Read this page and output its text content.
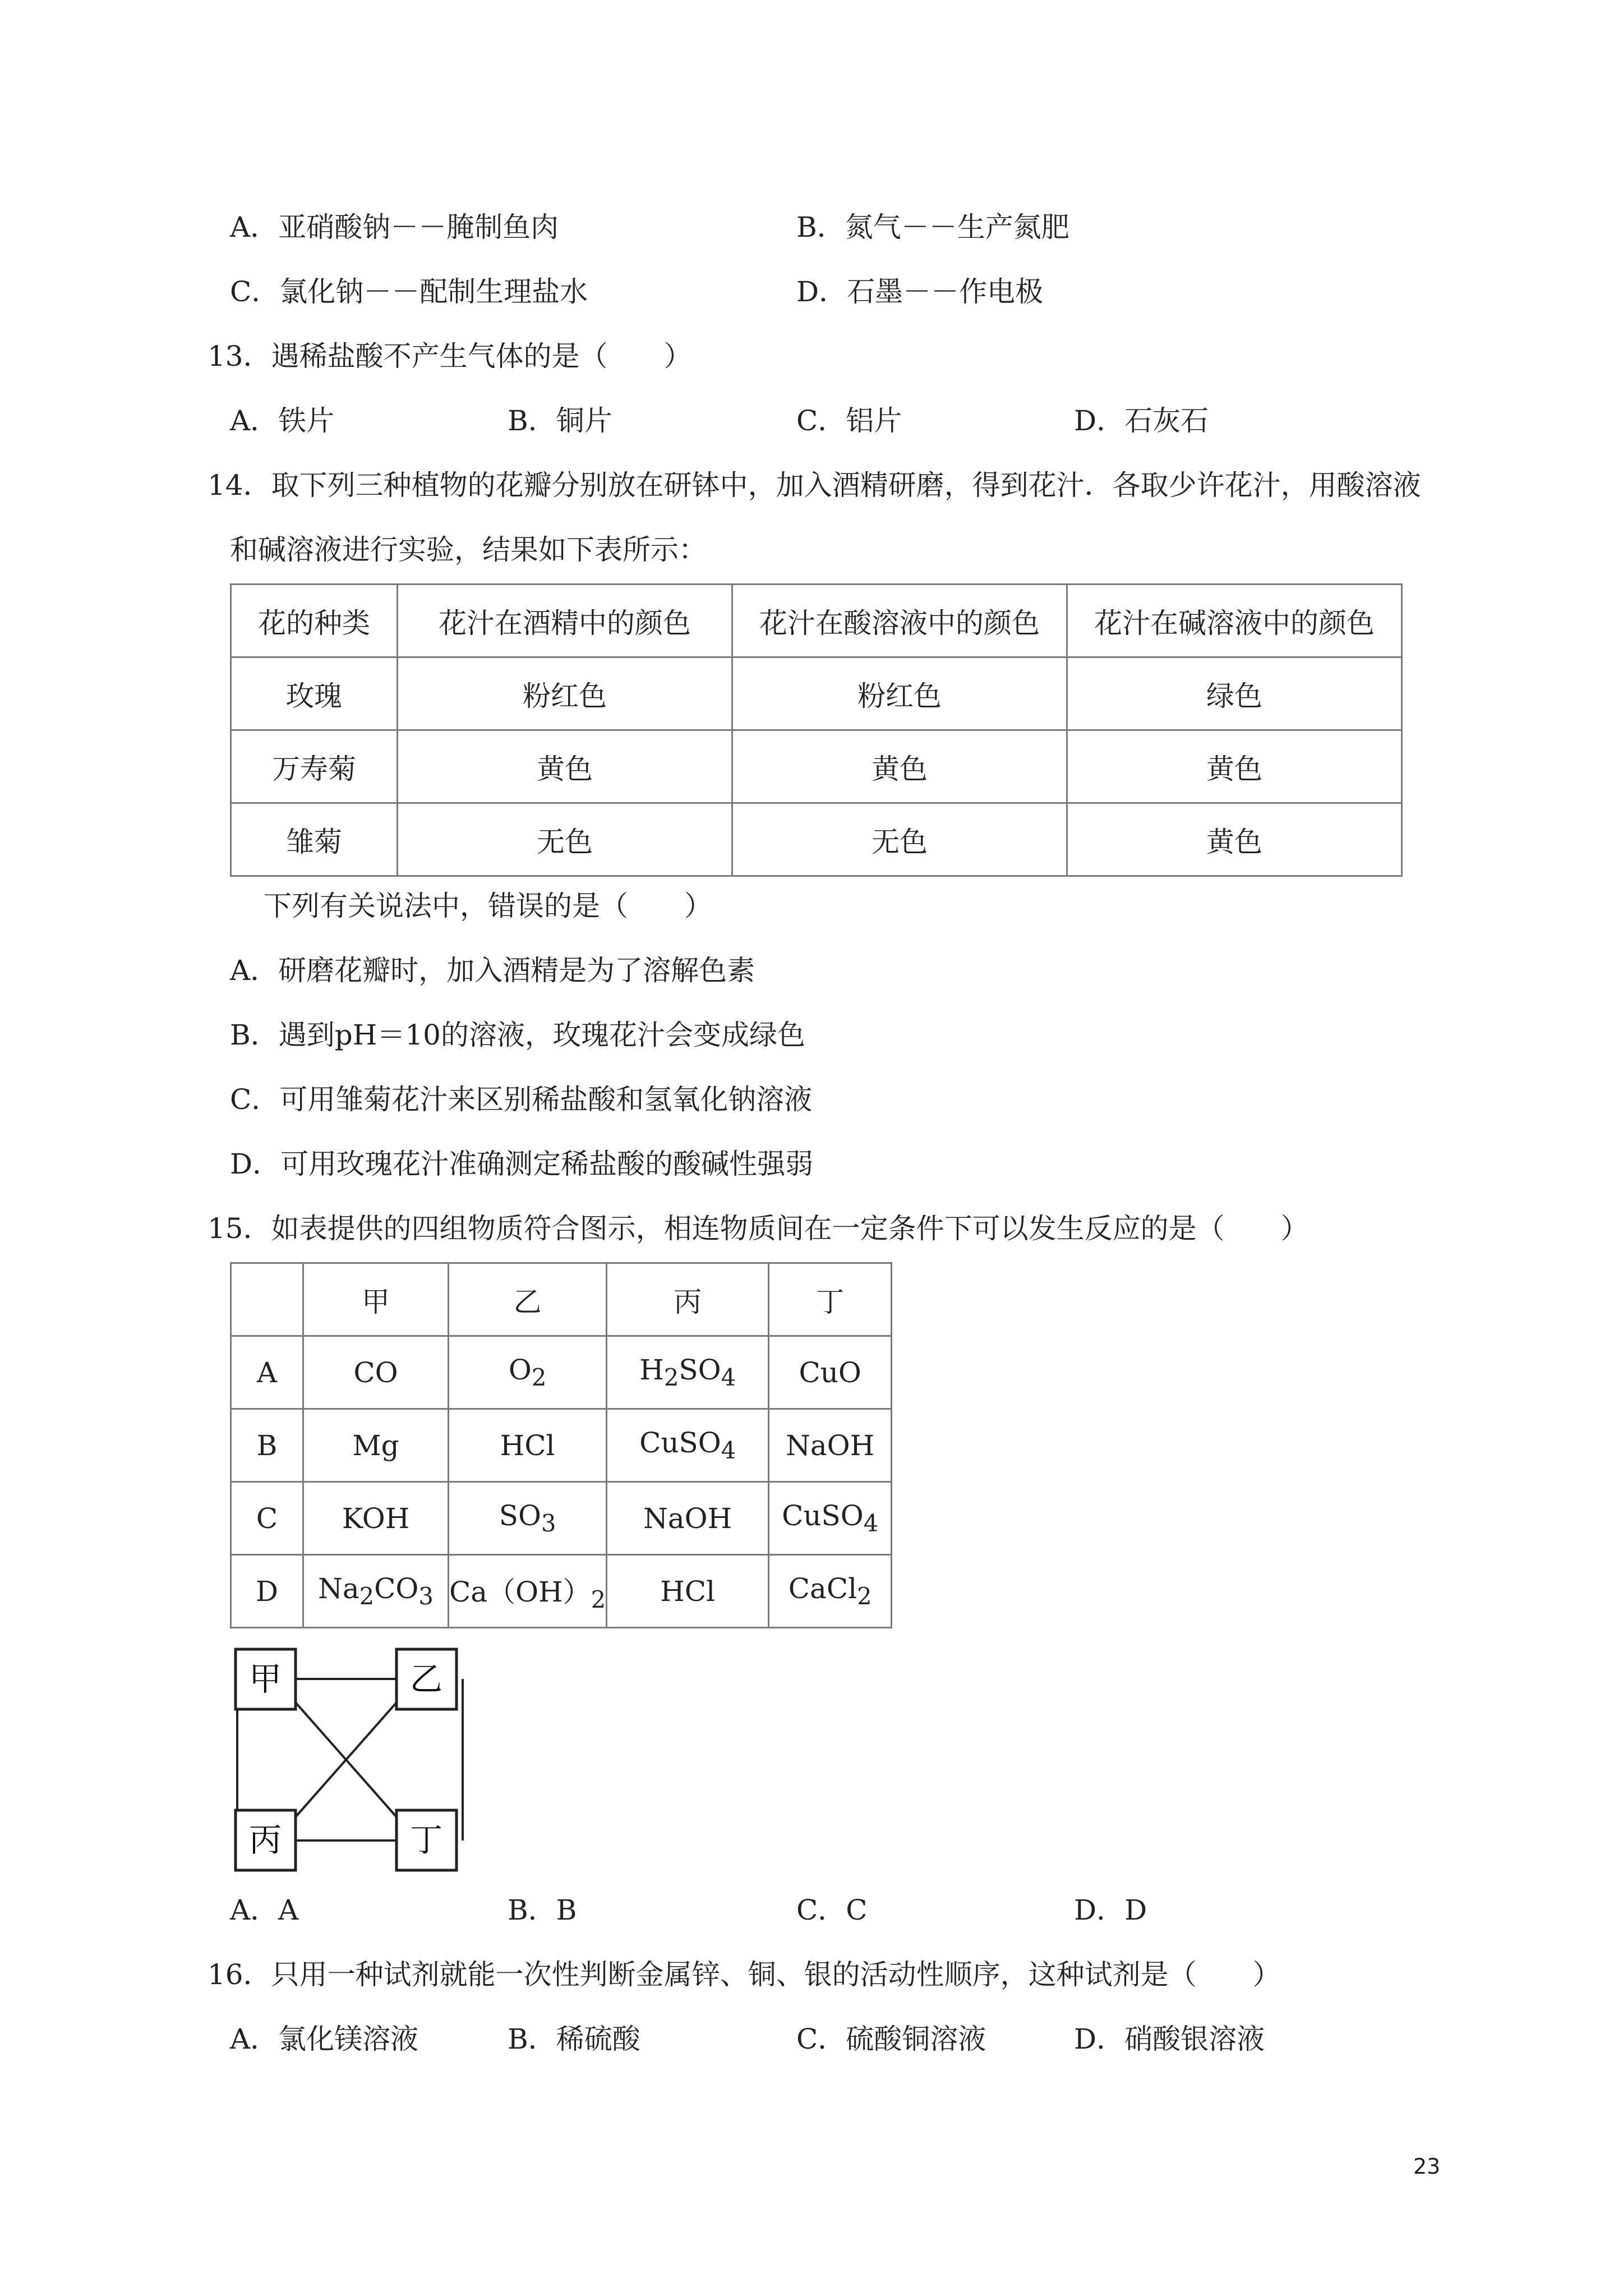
A．亚硝酸钠－－腌制鱼肉	B．氮气－－生产氮肥
C．氯化钠－－配制生理盐水	D．石墨－－作电极
13．遇稀盐酸不产生气体的是（　　）
A．铁片	B．铜片	C．铝片	D．石灰石
14．取下列三种植物的花瓣分别放在研钵中，加入酒精研磨，得到花汁．各取少许花汁，用酸溶液
和碱溶液进行实验，结果如下表所示：
花的种类	花汁在酒精中的颜色	花汁在酸溶液中的颜色	花汁在碱溶液中的颜色
玫瑰	粉红色	粉红色	绿色
万寿菊	黄色	黄色	黄色
雏菊	无色	无色	黄色
下列有关说法中，错误的是（　　）
A．研磨花瓣时，加入酒精是为了溶解色素
B．遇到pH＝10的溶液，玫瑰花汁会变成绿色
C．可用雏菊花汁来区别稀盐酸和氢氧化钠溶液
D．可用玫瑰花汁准确测定稀盐酸的酸碱性强弱
15．如表提供的四组物质符合图示，相连物质间在一定条件下可以发生反应的是（　　）
	甲	乙	丙	丁
A	CO	$O_2$	$H_2SO_4$	CuO
B	Mg	HCl	CuSO$_4$	NaOH
C	KOH	$SO_3$	NaOH	CuSO$_4$
D	$Na_2CO_3$	$Ca(OH)_2$	HCl	CaCl$_2$
甲	乙
丙	丁
A．A	B．B	C．C	D．D
16．只用一种试剂就能一次性判断金属锌、铜、银的活动性顺序，这种试剂是（　　）
A．氯化镁溶液	B．稀硫酸	C．硫酸铜溶液	D．硝酸银溶液
23
